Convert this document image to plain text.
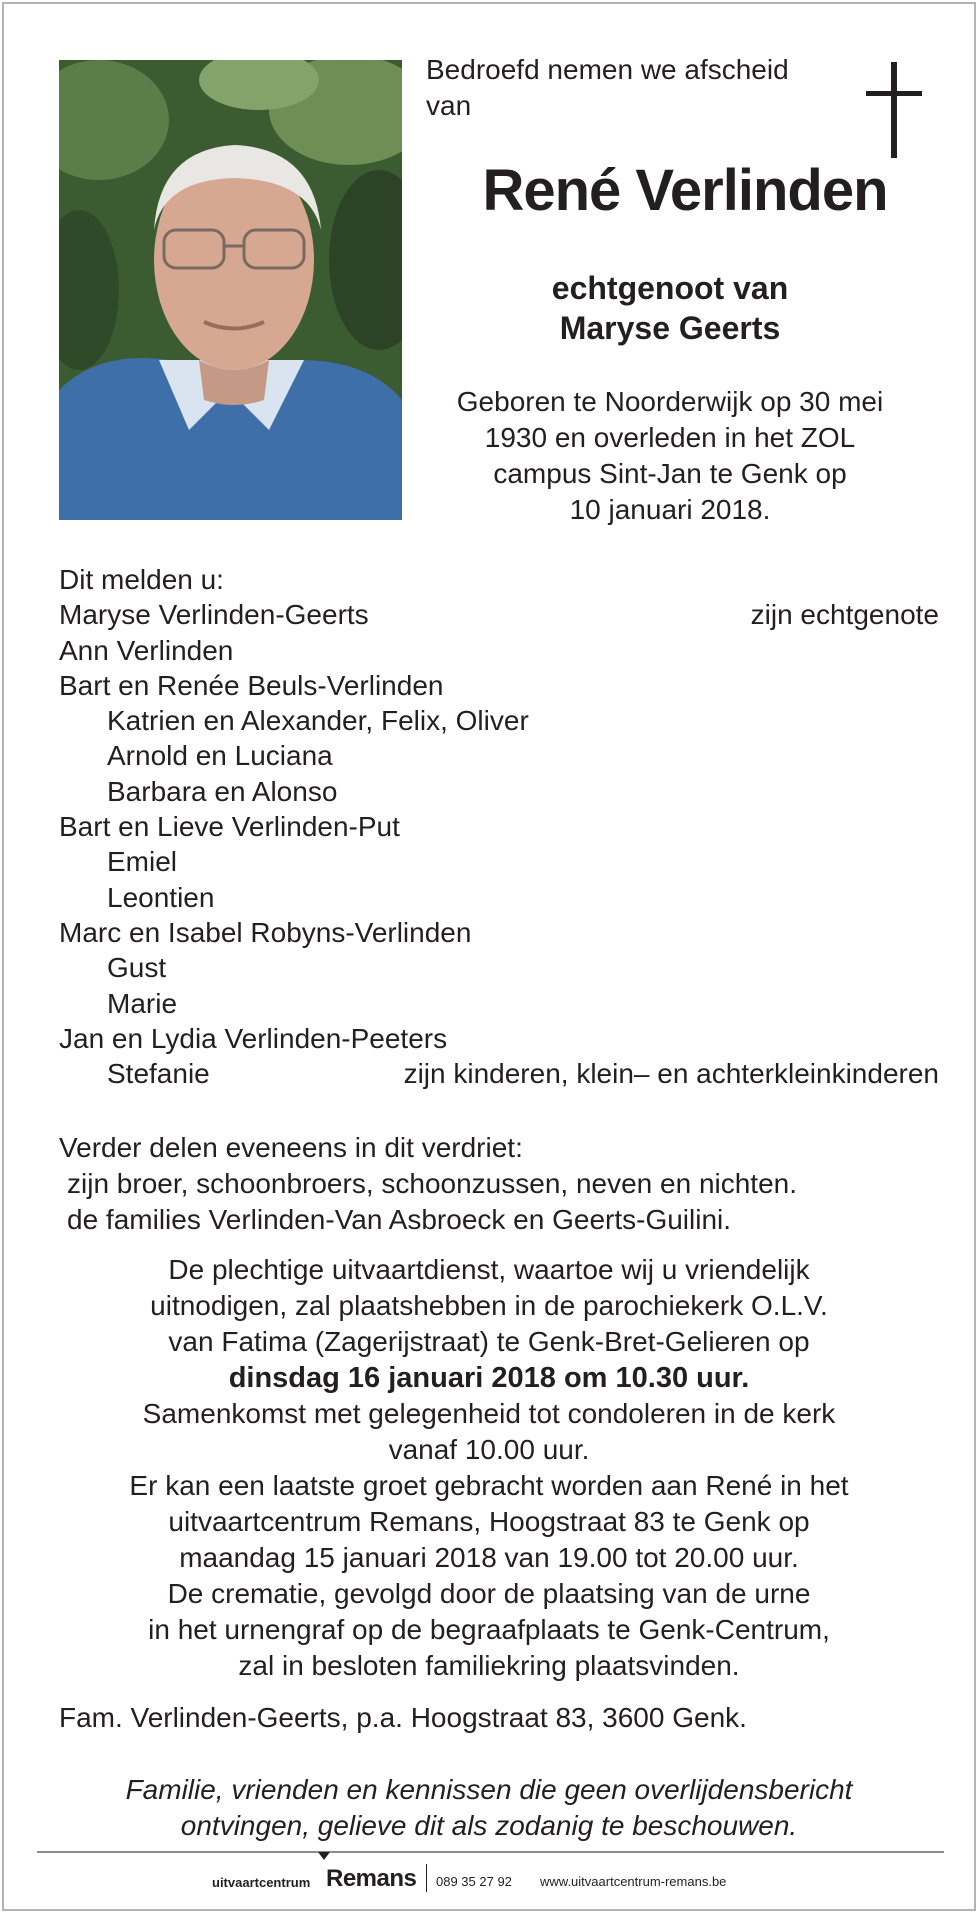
Bedroefd nemen we afscheid
van
René Verlinden
echtgenoot van
Maryse Geerts
Geboren te Noorderwijk op 30 mei
1930 en overleden in het ZOL
campus Sint-Jan te Genk op
10 januari 2018.
Dit melden u:
Maryse Verlinden-Geerts	zijn echtgenote
Ann Verlinden
Bart en Renée Beuls-Verlinden
Katrien en Alexander, Felix, Oliver
Arnold en Luciana
Barbara en Alonso
Bart en Lieve Verlinden-Put
Emiel
Leontien
Marc en Isabel Robyns-Verlinden
Gust
Marie
Jan en Lydia Verlinden-Peeters
Stefanie	zijn kinderen, klein– en achterkleinkinderen
Verder delen eveneens in dit verdriet:
zijn broer, schoonbroers, schoonzussen, neven en nichten.
de families Verlinden-Van Asbroeck en Geerts-Guilini.
De plechtige uitvaartdienst, waartoe wij u vriendelijk
uitnodigen, zal plaatshebben in de parochiekerk O.L.V.
van Fatima (Zagerijstraat) te Genk-Bret-Gelieren op
dinsdag 16 januari 2018 om 10.30 uur.
Samenkomst met gelegenheid tot condoleren in de kerk
vanaf 10.00 uur.
Er kan een laatste groet gebracht worden aan René in het
uitvaartcentrum Remans, Hoogstraat 83 te Genk op
maandag 15 januari 2018 van 19.00 tot 20.00 uur.
De crematie, gevolgd door de plaatsing van de urne
in het urnengraf op de begraafplaats te Genk-Centrum,
zal in besloten familiekring plaatsvinden.
Fam. Verlinden-Geerts, p.a. Hoogstraat 83, 3600 Genk.
Familie, vrienden en kennissen die geen overlijdensbericht
ontvingen, gelieve dit als zodanig te beschouwen.
uitvaartcentrum Remans 089 35 27 92 www.uitvaartcentrum-remans.be
